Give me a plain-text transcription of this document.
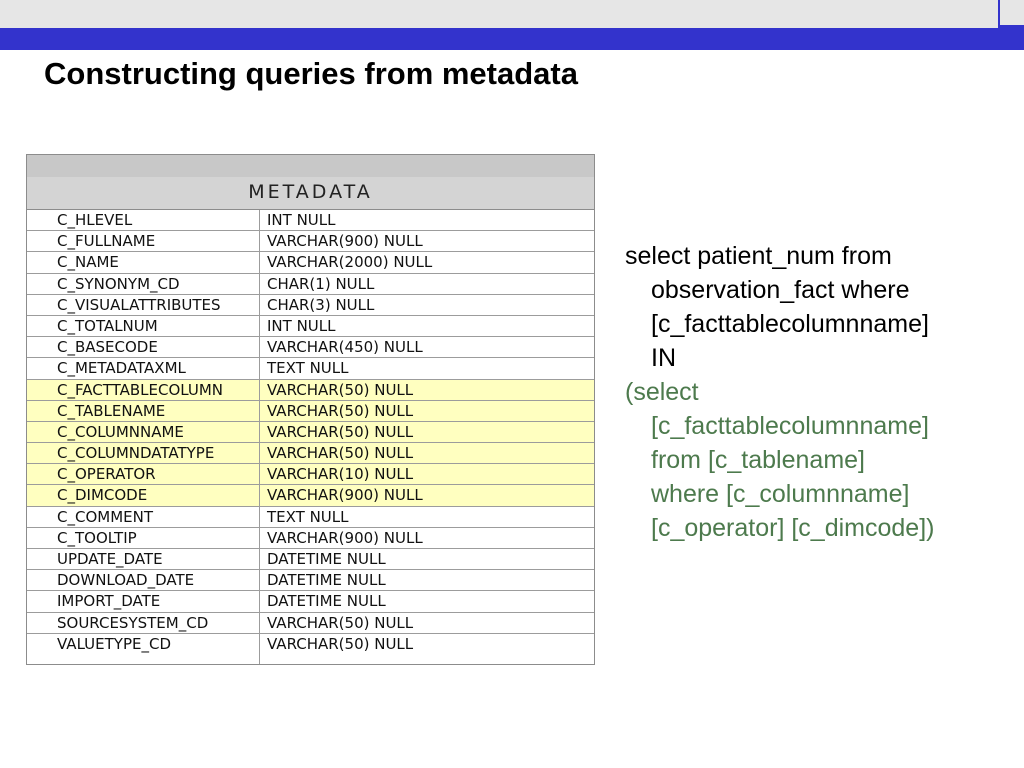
Constructing queries from metadata
METADATA
C_HLEVEL	INT NULL
C_FULLNAME	VARCHAR(900) NULL
C_NAME	VARCHAR(2000) NULL
C_SYNONYM_CD	CHAR(1) NULL
C_VISUALATTRIBUTES	CHAR(3) NULL
C_TOTALNUM	INT NULL
C_BASECODE	VARCHAR(450) NULL
C_METADATAXML	TEXT NULL
C_FACTTABLECOLUMN	VARCHAR(50) NULL
C_TABLENAME	VARCHAR(50) NULL
C_COLUMNNAME	VARCHAR(50) NULL
C_COLUMNDATATYPE	VARCHAR(50) NULL
C_OPERATOR	VARCHAR(10) NULL
C_DIMCODE	VARCHAR(900) NULL
C_COMMENT	TEXT NULL
C_TOOLTIP	VARCHAR(900) NULL
UPDATE_DATE	DATETIME NULL
DOWNLOAD_DATE	DATETIME NULL
IMPORT_DATE	DATETIME NULL
SOURCESYSTEM_CD	VARCHAR(50) NULL
VALUETYPE_CD	VARCHAR(50) NULL
select patient_num from
observation_fact where
[c_facttablecolumnname]
IN
(select
[c_facttablecolumnname]
from [c_tablename]
where [c_columnname]
[c_operator] [c_dimcode])
